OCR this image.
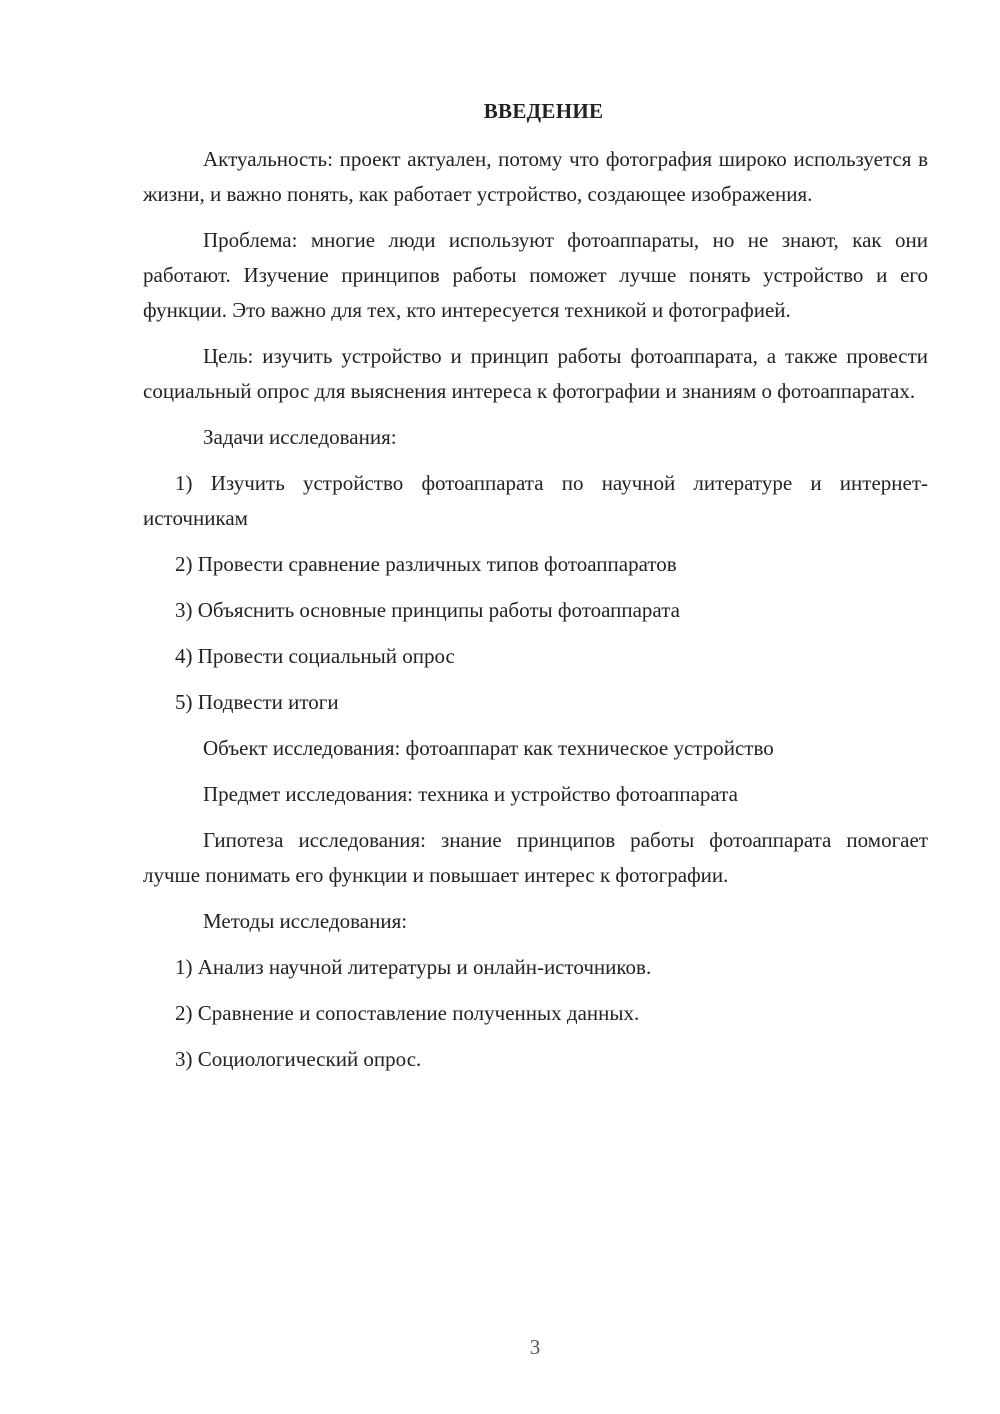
ВВЕДЕНИЕ

Актуальность: проект актуален, потому что фотография широко используется в жизни, и важно понять, как работает устройство, создающее изображения.

Проблема: многие люди используют фотоаппараты, но не знают, как они работают. Изучение принципов работы поможет лучше понять устройство и его функции. Это важно для тех, кто интересуется техникой и фотографией.

Цель: изучить устройство и принцип работы фотоаппарата, а также провести социальный опрос для выяснения интереса к фотографии и знаниям о фотоаппаратах.

Задачи исследования:

1) Изучить устройство фотоаппарата по научной литературе и интернет-источникам

2) Провести сравнение различных типов фотоаппаратов

3) Объяснить основные принципы работы фотоаппарата

4) Провести социальный опрос

5) Подвести итоги

Объект исследования: фотоаппарат как техническое устройство

Предмет исследования: техника и устройство фотоаппарата

Гипотеза исследования: знание принципов работы фотоаппарата помогает лучше понимать его функции и повышает интерес к фотографии.

Методы исследования:

1) Анализ научной литературы и онлайн-источников.

2) Сравнение и сопоставление полученных данных.

3) Социологический опрос.

3
